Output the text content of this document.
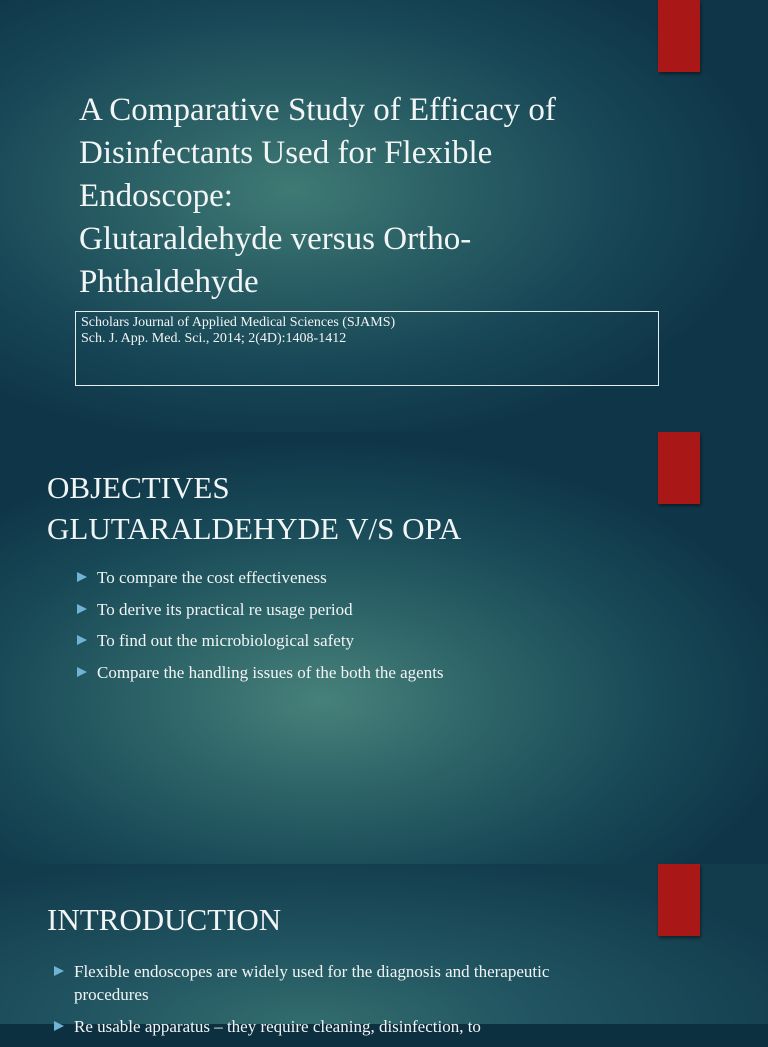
A Comparative Study of Efficacy of
Disinfectants Used for Flexible
Endoscope:
Glutaraldehyde versus Ortho-
Phthaldehyde
Scholars Journal of Applied Medical Sciences (SJAMS)
Sch. J. App. Med. Sci., 2014; 2(4D):1408-1412
OBJECTIVES
GLUTARALDEHYDE V/S OPA
To compare the cost effectiveness
To derive its practical re usage period
To find out the microbiological safety
Compare the handling issues of the both the agents
INTRODUCTION
Flexible endoscopes are widely used for the diagnosis and therapeutic procedures
Re usable apparatus – they require cleaning, disinfection, to
